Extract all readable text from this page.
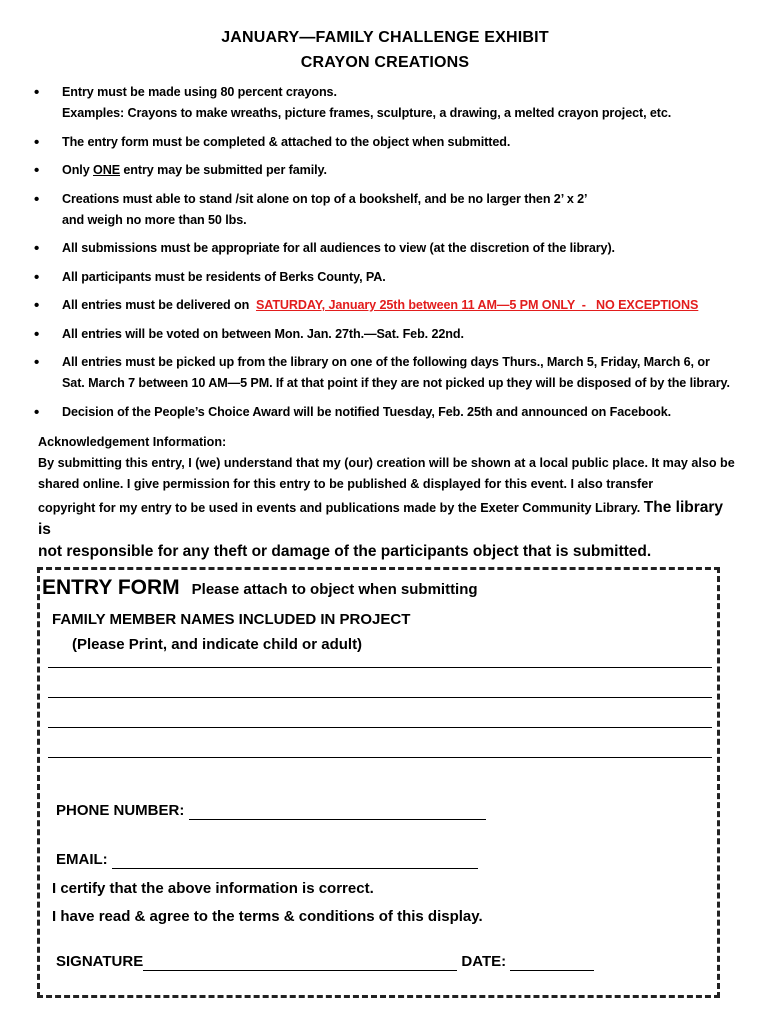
JANUARY—FAMILY CHALLENGE EXHIBIT
CRAYON CREATIONS
• Entry must be made using 80 percent crayons.
Examples: Crayons to make wreaths, picture frames, sculpture, a drawing, a melted crayon project, etc.
• The entry form must be completed & attached to the object when submitted.
• Only ONE entry may be submitted per family.
• Creations must able to stand /sit alone on top of a bookshelf, and be no larger then 2’ x 2’
and weigh no more than 50 lbs.
• All submissions must be appropriate for all audiences to view (at the discretion of the library).
• All participants must be residents of Berks County, PA.
• All entries must be delivered on  SATURDAY, January 25th between 11 AM—5 PM ONLY  -   NO EXCEPTIONS
• All entries will be voted on between Mon. Jan. 27th.—Sat. Feb. 22nd.
• All entries must be picked up from the library on one of the following days Thurs., March 5, Friday, March 6, or
Sat. March 7 between 10 AM—5 PM. If at that point if they are not picked up they will be disposed of by the library.
• Decision of the People’s Choice Award will be notified Tuesday, Feb. 25th and announced on Facebook.
Acknowledgement Information:
By submitting this entry, I (we) understand that my (our) creation will be shown at a local public place. It may also be shared online. I give permission for this entry to be published & displayed for this event. I also transfer
copyright for my entry to be used in events and publications made by the Exeter Community Library. The library is
not responsible for any theft or damage of the participants object that is submitted.
ENTRY FORM Please attach to object when submitting
FAMILY MEMBER NAMES INCLUDED IN PROJECT
(Please Print, and indicate child or adult)
PHONE NUMBER:
EMAIL:
I certify that the above information is correct.
I have read & agree to the terms & conditions of this display.
SIGNATURE	DATE:
